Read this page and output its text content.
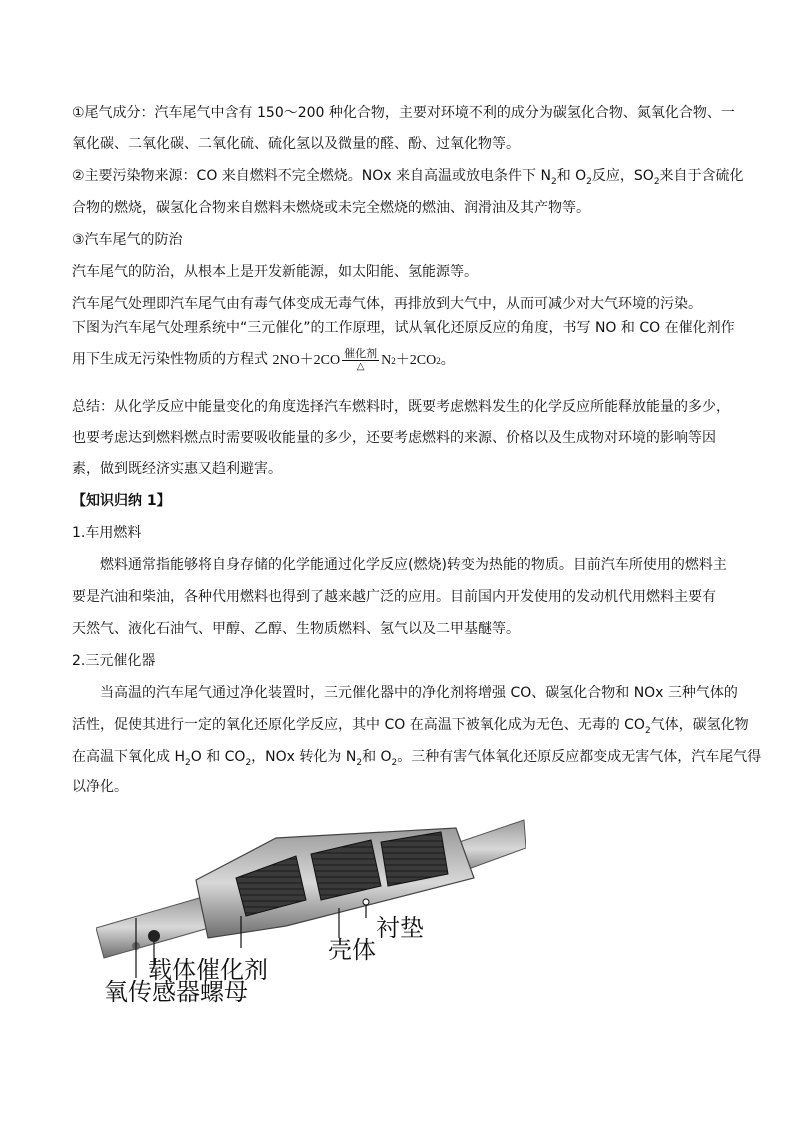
①尾气成分：汽车尾气中含有 150～200 种化合物，主要对环境不利的成分为碳氢化合物、氮氧化合物、一
氧化碳、二氧化碳、二氧化硫、硫化氢以及微量的醛、酚、过氧化物等。
②主要污染物来源：CO 来自燃料不完全燃烧。NOx 来自高温或放电条件下 $N_2$和 $O_2$反应，$SO_2$来自于含硫化
合物的燃烧，碳氢化合物来自燃料未燃烧或未完全燃烧的燃油、润滑油及其产物等。
③汽车尾气的防治
汽车尾气的防治，从根本上是开发新能源，如太阳能、氢能源等。
汽车尾气处理即汽车尾气由有毒气体变成无毒气体，再排放到大气中，从而可减少对大气环境的污染。
下图为汽车尾气处理系统中“三元催化”的工作原理，试从氧化还原反应的角度，书写 NO 和 CO 在催化剂作
用下生成无污染性物质的方程式 $2NO+2CO \frac{\text{催化剂}}{\triangle}$ N 2 ＋2CO 2 。
总结：从化学反应中能量变化的角度选择汽车燃料时，既要考虑燃料发生的化学反应所能释放能量的多少，
也要考虑达到燃料燃点时需要吸收能量的多少，还要考虑燃料的来源、价格以及生成物对环境的影响等因
素，做到既经济实惠又趋利避害。
【知识归纳 1】
1.车用燃料
燃料通常指能够将自身存储的化学能通过化学反应(燃烧)转变为热能的物质。目前汽车所使用的燃料主
要是汽油和柴油，各种代用燃料也得到了越来越广泛的应用。目前国内开发使用的发动机代用燃料主要有
天然气、液化石油气、甲醇、乙醇、生物质燃料、氢气以及二甲基醚等。
2.三元催化器
当高温的汽车尾气通过净化装置时，三元催化器中的净化剂将增强 CO、碳氢化合物和 NOx 三种气体的
活性，促使其进行一定的氧化还原化学反应，其中 CO 在高温下被氧化成为无色、无毒的 $CO_2$气体，碳氢化物
在高温下氧化成 $H_2O$ 和 $CO_2$，NOx 转化为 $N_2$和 $O_2$。三种有害气体氧化还原反应都变成无害气体，汽车尾气得
以净化。
衬垫
壳体
载体催化剂
氧传感器螺母
